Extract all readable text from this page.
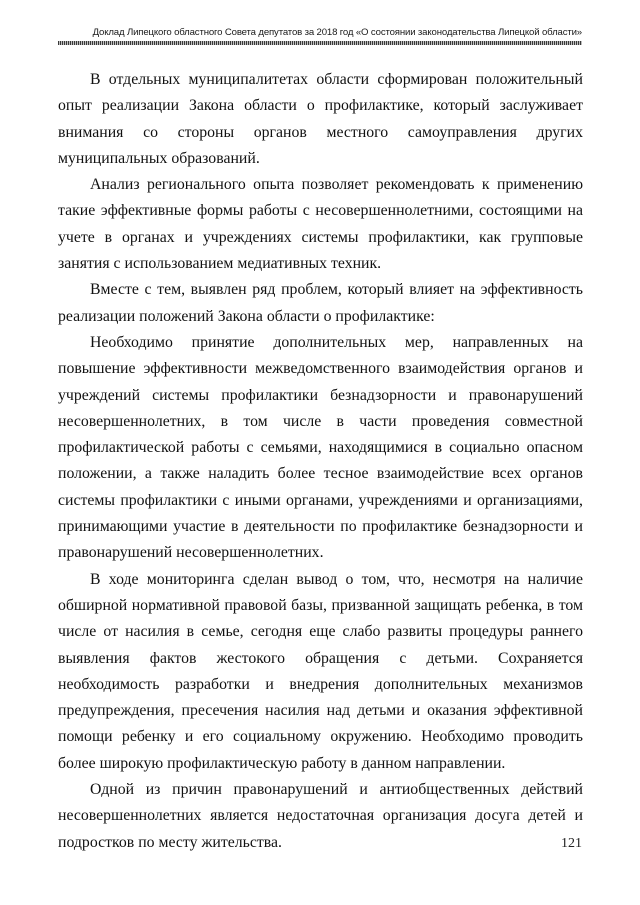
Доклад Липецкого областного Совета депутатов за 2018 год «О состоянии законодательства Липецкой области»

В отдельных муниципалитетах области сформирован положительный опыт реализации Закона области о профилактике, который заслуживает внимания со стороны органов местного самоуправления других муниципальных образований.

Анализ регионального опыта позволяет рекомендовать к применению такие эффективные формы работы с несовершеннолетними, состоящими на учете в органах и учреждениях системы профилактики, как групповые занятия с использованием медиативных техник.

Вместе с тем, выявлен ряд проблем, который влияет на эффективность реализации положений Закона области о профилактике:

Необходимо принятие дополнительных мер, направленных на повышение эффективности межведомственного взаимодействия органов и учреждений системы профилактики безнадзорности и правонарушений несовершеннолетних, в том числе в части проведения совместной профилактической работы с семьями, находящимися в социально опасном положении, а также наладить более тесное взаимодействие всех органов системы профилактики с иными органами, учреждениями и организациями, принимающими участие в деятельности по профилактике безнадзорности и правонарушений несовершеннолетних.

В ходе мониторинга сделан вывод о том, что, несмотря на наличие обширной нормативной правовой базы, призванной защищать ребенка, в том числе от насилия в семье, сегодня еще слабо развиты процедуры раннего выявления фактов жестокого обращения с детьми. Сохраняется необходимость разработки и внедрения дополнительных механизмов предупреждения, пресечения насилия над детьми и оказания эффективной помощи ребенку и его социальному окружению. Необходимо проводить более широкую профилактическую работу в данном направлении.

Одной из причин правонарушений и антиобщественных действий несовершеннолетних является недостаточная организация досуга детей и подростков по месту жительства.	121
